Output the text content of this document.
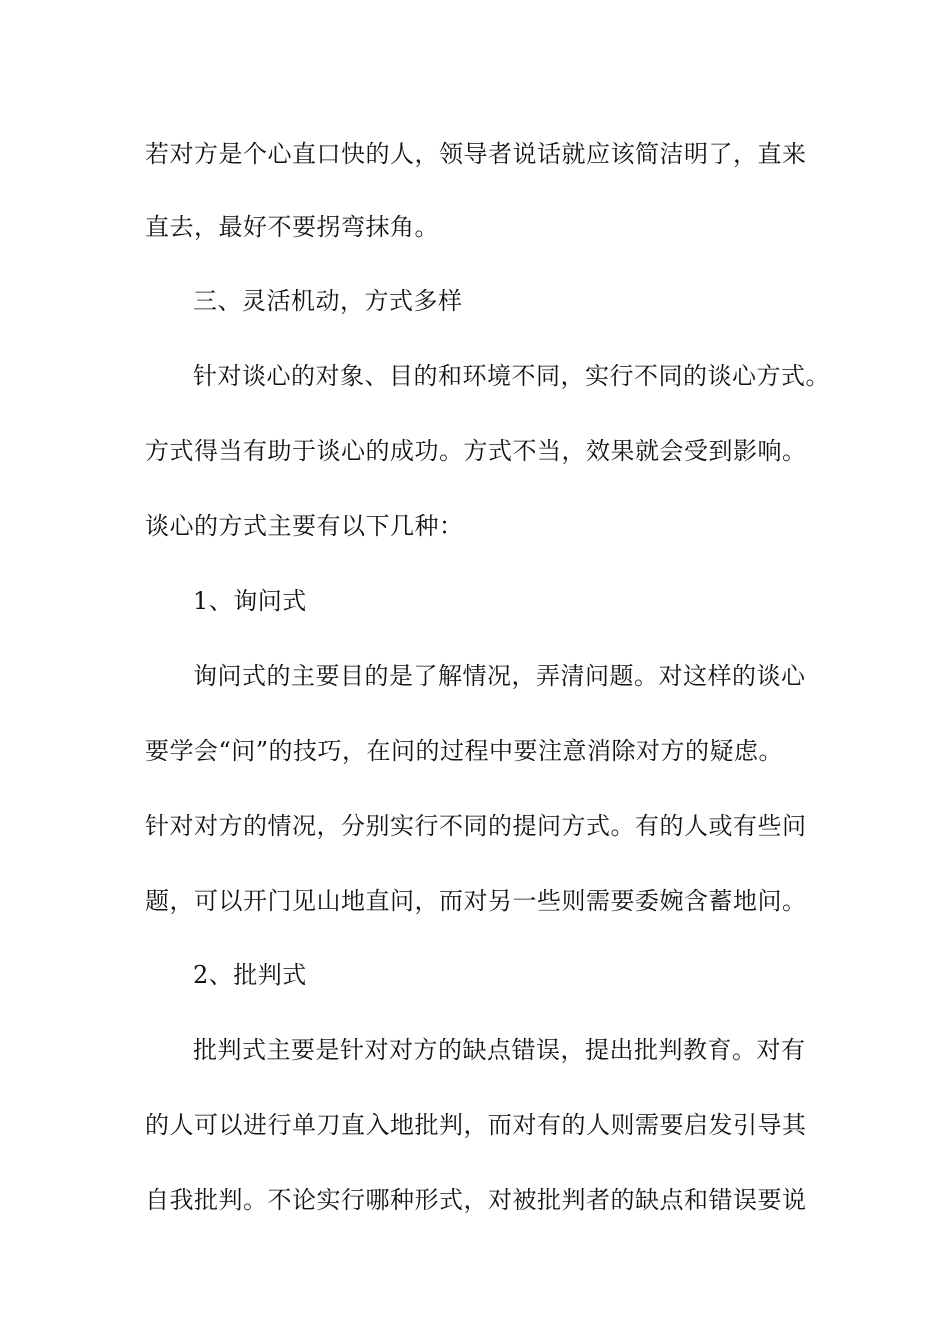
若对方是个心直口快的人，领导者说话就应该简洁明了，直来
直去，最好不要拐弯抹角。
三、灵活机动，方式多样
针对谈心的对象、目的和环境不同，实行不同的谈心方式。
方式得当有助于谈心的成功。方式不当，效果就会受到影响。
谈心的方式主要有以下几种：
1、询问式
询问式的主要目的是了解情况，弄清问题。对这样的谈心
要学会“问”的技巧，在问的过程中要注意消除对方的疑虑。
针对对方的情况，分别实行不同的提问方式。有的人或有些问
题，可以开门见山地直问，而对另一些则需要委婉含蓄地问。
2、批判式
批判式主要是针对对方的缺点错误，提出批判教育。对有
的人可以进行单刀直入地批判，而对有的人则需要启发引导其
自我批判。不论实行哪种形式，对被批判者的缺点和错误要说
